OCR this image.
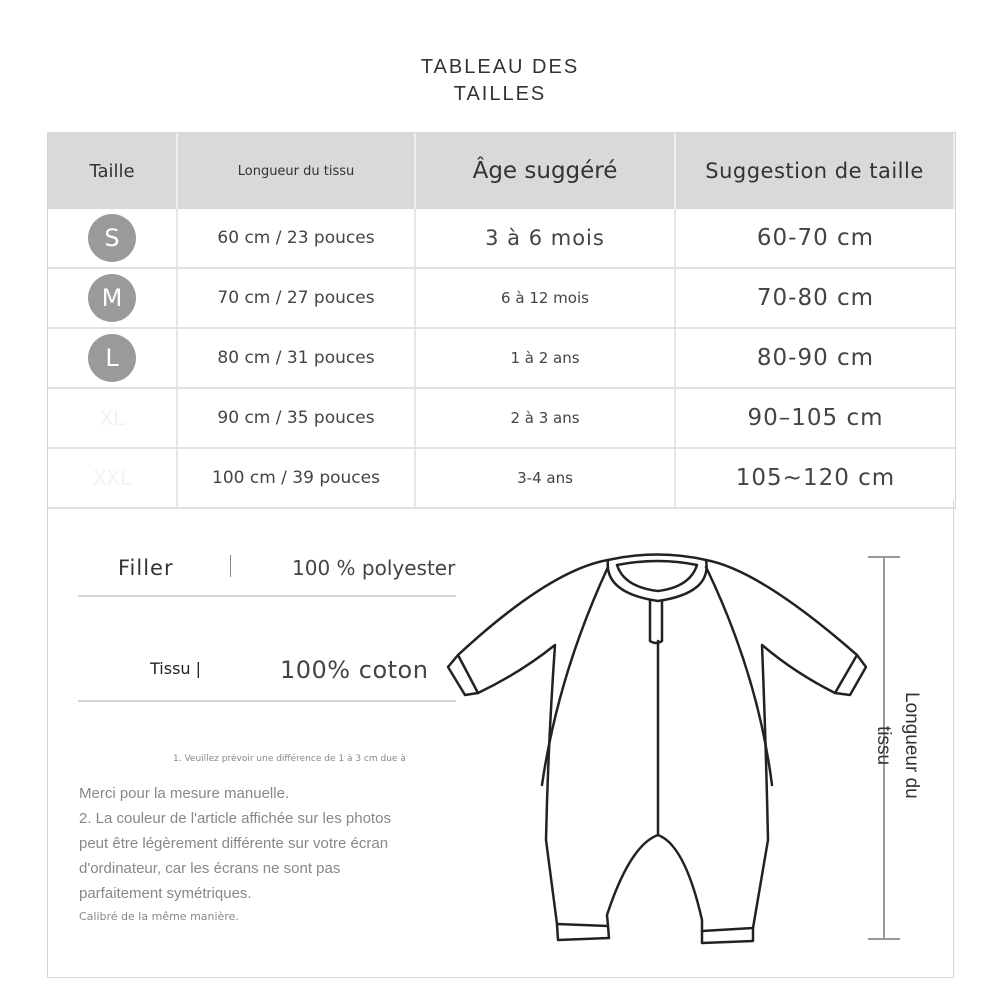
TABLEAU DES
TAILLES
Taille	Longueur du tissu	Âge suggéré	Suggestion de taille
S	60 cm / 23 pouces	3 à 6 mois	60-70 cm
M	70 cm / 27 pouces	6 à 12 mois	70-80 cm
L	80 cm / 31 pouces	1 à 2 ans	80-90 cm
XL	90 cm / 35 pouces	2 à 3 ans	90–105 cm
XXL	100 cm / 39 pouces	3-4 ans	105~120 cm
Filler	100 % polyester
Tissu |	100% coton
1. Veuillez prévoir une différence de 1 à 3 cm due à
Merci pour la mesure manuelle.
2. La couleur de l'article affichée sur les photos
peut être légèrement différente sur votre écran
d'ordinateur, car les écrans ne sont pas
parfaitement symétriques.
Calibré de la même manière.
Longueur du
tissu
